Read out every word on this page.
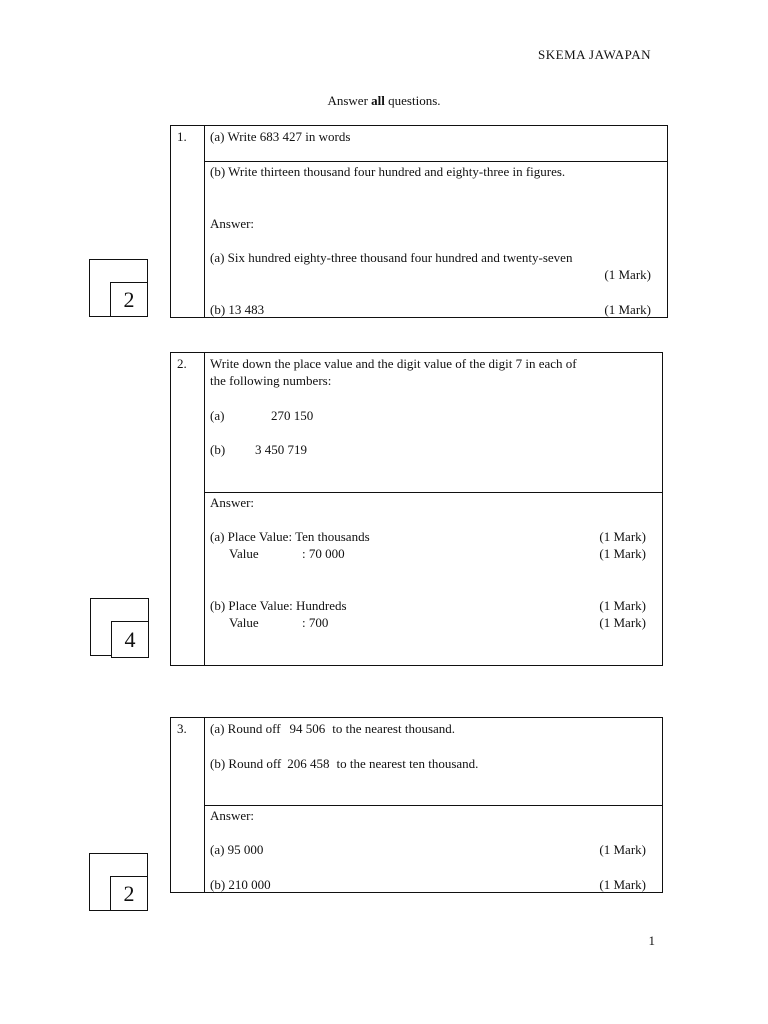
SKEMA JAWAPAN
Answer all questions.
1. (a) Write 683 427 in words
(b) Write thirteen thousand four hundred and eighty-three in figures.
Answer:
(a) Six hundred eighty-three thousand four hundred and twenty-seven
(1 Mark)
(b) 13 483	(1 Mark)
2
2. Write down the place value and the digit value of the digit 7 in each of
the following numbers:
(a)	270 150
(b) 3 450 719
Answer:
(a) Place Value: Ten thousands	(1 Mark)
Value	: 70 000	(1 Mark)
(b) Place Value: Hundreds	(1 Mark)
Value	: 700	(1 Mark)
4
3. (a) Round off 94 506 to the nearest thousand.
(b) Round off 206 458 to the nearest ten thousand.
Answer:
(a) 95 000	(1 Mark)
(b) 210 000	(1 Mark)
2
1
